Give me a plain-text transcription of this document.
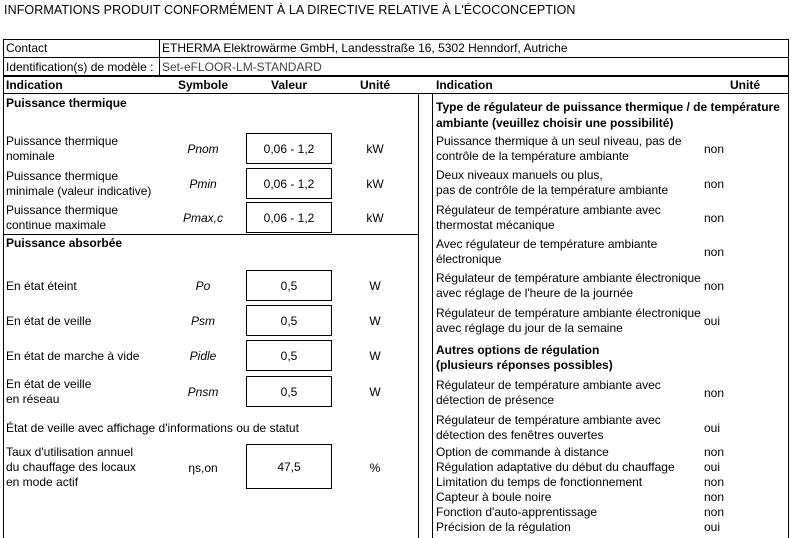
INFORMATIONS PRODUIT CONFORMÉMENT À LA DIRECTIVE RELATIVE À L'ÉCOCONCEPTION
Contact	ETHERMA Elektrowärme GmbH, Landesstraße 16, 5302 Henndorf, Autriche
Identification(s) de modèle : Set-eFLOOR-LM-STANDARD
Indication	Symbole	Valeur	Unité	Indication	Unité
Puissance thermique
Puissance thermique
nominale	Pnom	0,06 - 1,2	kW
Puissance thermique
minimale (valeur indicative)	Pmin	0,06 - 1,2	kW
Puissance thermique
continue maximale	Pmax,c	0,06 - 1,2	kW
Puissance absorbée
En état éteint	Po	0,5	W
En état de veille	Psm	0,5	W
En état de marche à vide	Pidle	0,5	W
En état de veille
en réseau	Pnsm	0,5	W
État de veille avec affichage d'informations ou de statut
Taux d'utilisation annuel
du chauffage des locaux
en mode actif
ηs,on	47,5	%
Type de régulateur de puissance thermique / de température
ambiante (veuillez choisir une possibilité)
Puissance thermique à un seul niveau, pas de
contrôle de la température ambiante	non
Deux niveaux manuels ou plus,
pas de contrôle de la température ambiante	non
Régulateur de température ambiante avec
thermostat mécanique	non
Avec régulateur de température ambiante
électronique	non
Régulateur de température ambiante électronique
avec réglage de l'heure de la journée	non
Régulateur de température ambiante électronique
avec réglage du jour de la semaine	oui
Autres options de régulation
(plusieurs réponses possibles)
Régulateur de température ambiante avec
détection de présence	non
Régulateur de température ambiante avec
détection des fenêtres ouvertes	oui
Option de commande à distance	non
Régulation adaptative du début du chauffage oui
Limitation du temps de fonctionnement	non
Capteur à boule noire	non
Fonction d'auto-apprentissage	non
Précision de la régulation	oui
